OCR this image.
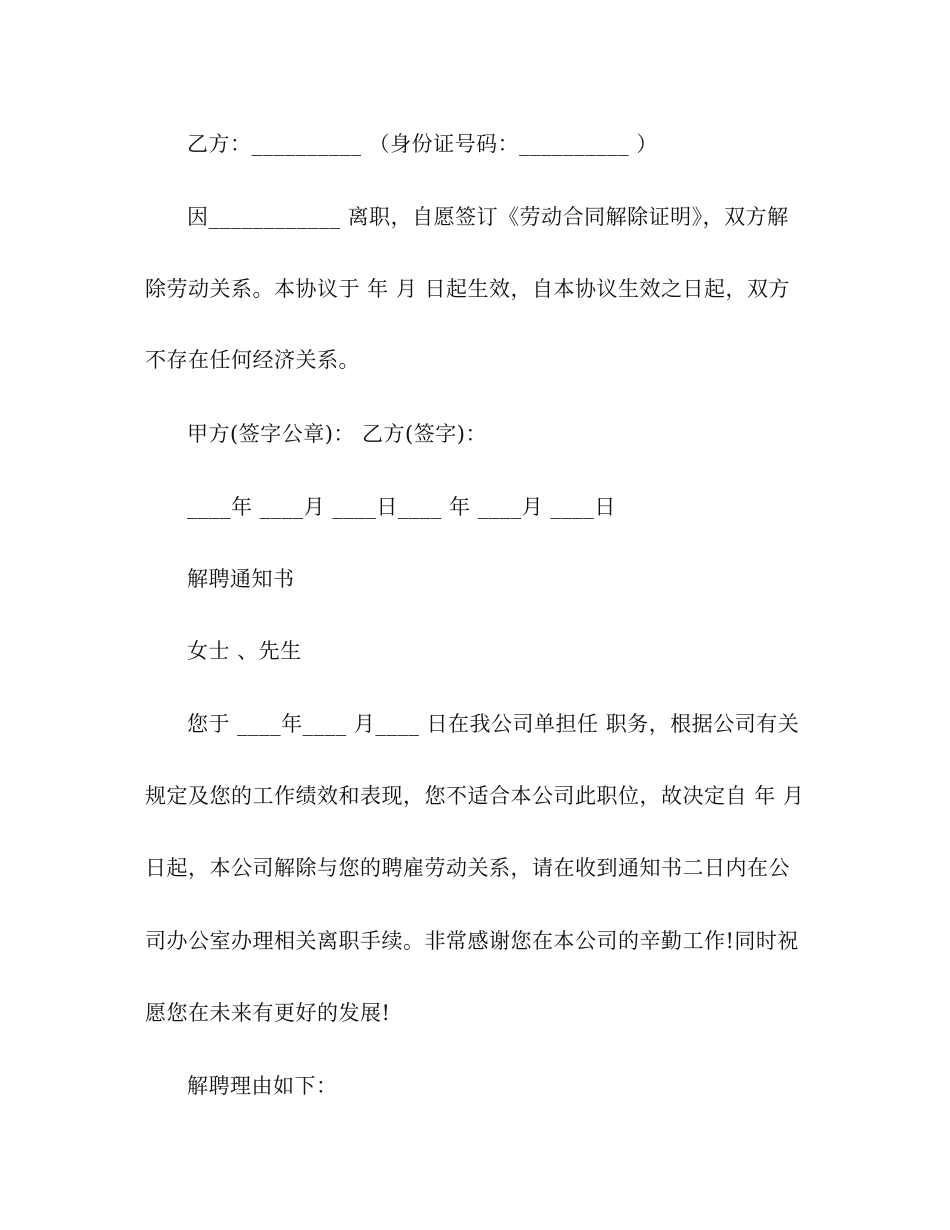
乙方：__________ （身份证号码：__________ ）
因____________ 离职，自愿签订《劳动合同解除证明》，双方解
除劳动关系。本协议于 年 月 日起生效，自本协议生效之日起，双方
不存在任何经济关系。
甲方(签字公章)： 乙方(签字)：
____年 ____月 ____日____ 年 ____月 ____日
解聘通知书
女士 、先生
您于 ____年____ 月____ 日在我公司单担任 职务，根据公司有关
规定及您的工作绩效和表现，您不适合本公司此职位，故决定自 年 月
日起，本公司解除与您的聘雇劳动关系，请在收到通知书二日内在公
司办公室办理相关离职手续。非常感谢您在本公司的辛勤工作!同时祝
愿您在未来有更好的发展!
解聘理由如下：
